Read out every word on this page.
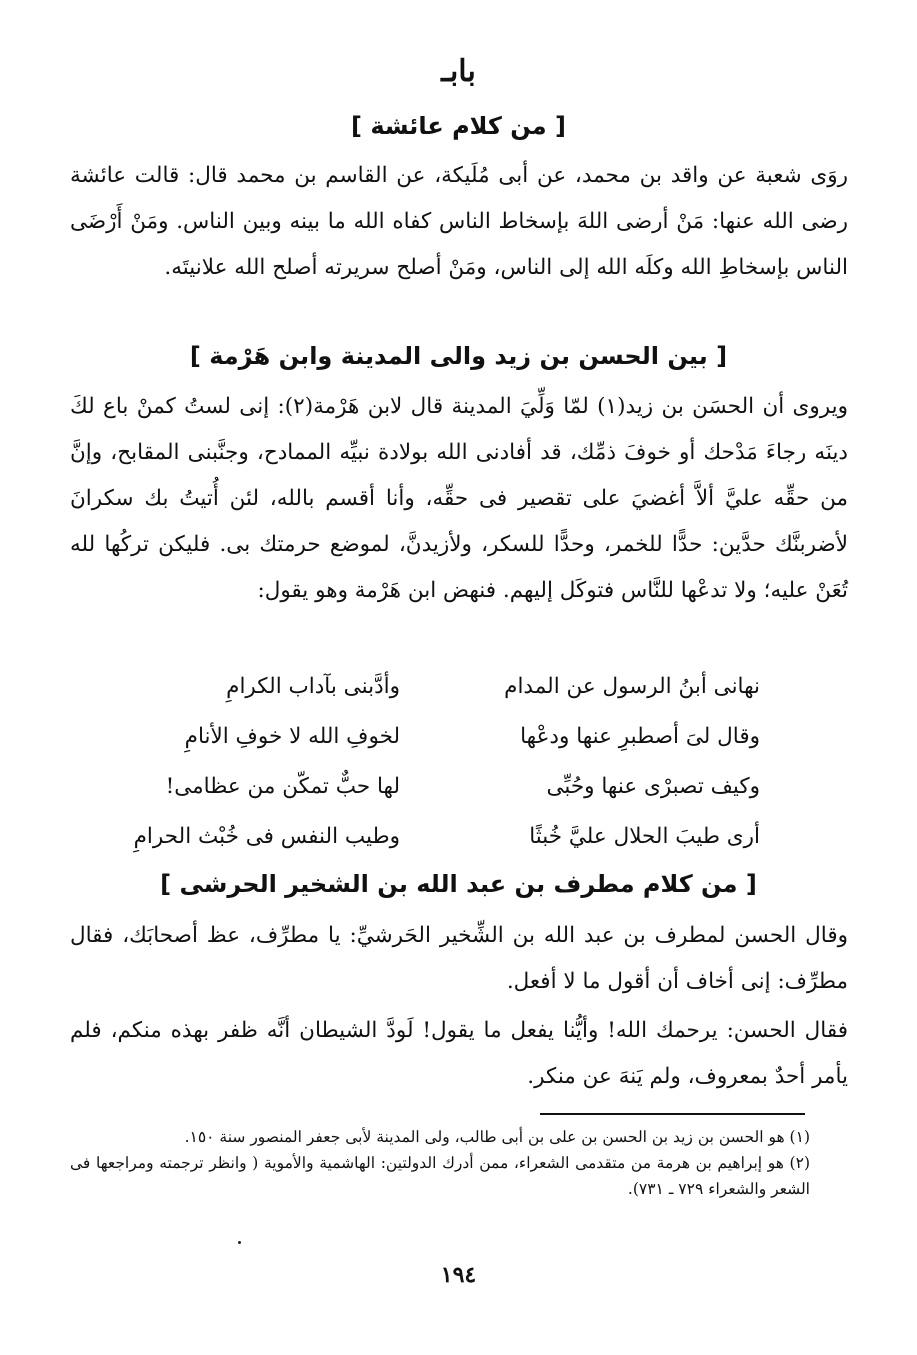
بابـ
[ من كلام عائشة ]

روَى شعبة عن واقد بن محمد، عن أبى مُلَيكة، عن القاسم بن محمد قال: قالت عائشة رضى الله عنها: مَنْ أرضى اللهَ بإسخاط الناس كفاه الله ما بينه وبين الناس. ومَنْ أَرْضَى الناس بإسخاطِ الله وكلَه الله إلى الناس، ومَنْ أصلح سريرته أصلح الله علانيتَه.

[ بين الحسن بن زيد والى المدينة وابن هَرْمة ]

ويروى أن الحسَن بن زيد(١) لمّا وَلِّيَ المدينة قال لابن هَرْمة(٢): إنى لستُ كمنْ باع لكَ دينَه رجاءَ مَدْحك أو خوفَ ذمِّك، قد أفادنى الله بولادة نبيِّه الممادح، وجنَّبنى المقابح، وإنَّ من حقِّه عليَّ ألاَّ أغضيَ على تقصير فى حقِّه، وأنا أقسم بالله، لئن أُتيتُ بك سكرانَ لأضربنَّك حدَّين: حدًّا للخمر، وحدًّا للسكر، ولأزيدنَّ، لموضع حرمتك بى. فليكن تركُها لله تُعَنْ عليه؛ ولا تدعْها للنَّاس فتوكَل إليهم. فنهض ابن هَرْمة وهو يقول:

نهانى أبنُ الرسول عن المدام
وأدَّبنى بآداب الكرامِ
وقال لىَ أصطبرِ عنها ودعْها
لخوفِ الله لا خوفِ الأنامِ
وكيف تصبرْى عنها وحُبِّى
لها حبٌّ تمكّن من عظامى!
أرى طيبَ الحلال عليَّ خُبثًا
وطيب النفس فى خُبْث الحرامِ
[ من كلام مطرف بن عبد الله بن الشخير الحرشى ]

وقال الحسن لمطرف بن عبد الله بن الشِّخير الحَرشيِّ: يا مطرِّف، عظ أصحابَك، فقال مطرِّف: إنى أخاف أن أقول ما لا أفعل.

فقال الحسن: يرحمك الله! وأيُّنا يفعل ما يقول! لَودَّ الشيطان أنَّه ظفر بهذه منكم، فلم يأمر أحدٌ بمعروف، ولم يَنهَ عن منكر.

(١) هو الحسن بن زيد بن الحسن بن على بن أبى طالب، ولى المدينة لأبى جعفر المنصور سنة ١٥٠.
(٢) هو إبراهيم بن هرمة من متقدمى الشعراء، ممن أدرك الدولتين: الهاشمية والأموية ( وانظر ترجمته ومراجعها فى الشعر والشعراء ٧٢٩ ـ ٧٣١).
١٩٤
